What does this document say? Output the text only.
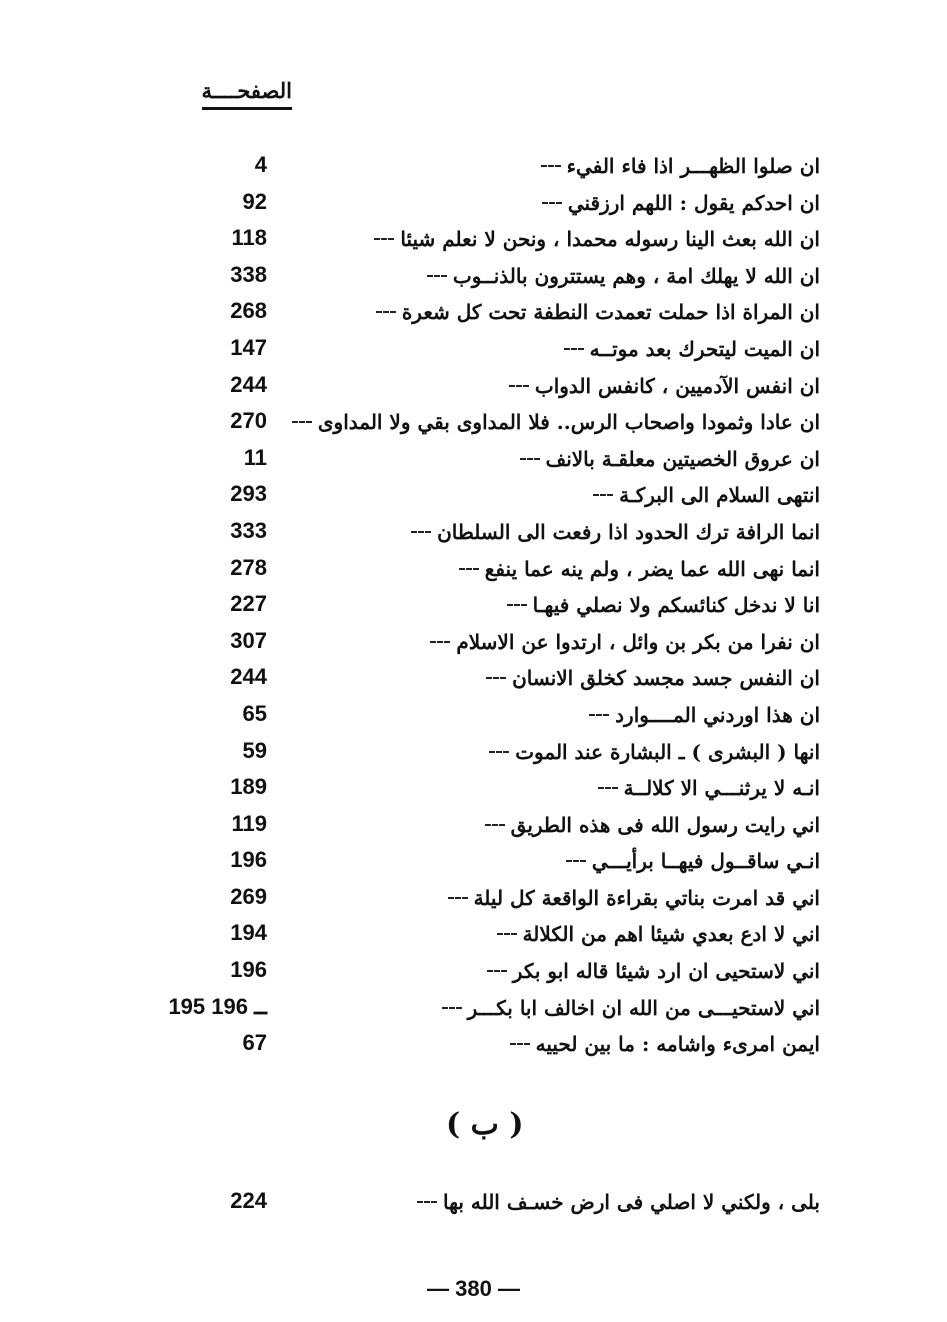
الصفحــــة
ان صلوا الظهـــر اذا فاء الفيء
4
ان احدكم يقول : اللهم ارزقني
92
ان الله بعث الينا رسوله محمدا ، ونحن لا نعلم شيئا
118
ان الله لا يهلك امة ، وهم يستترون بالذنــوب
338
ان المراة اذا حملت تعمدت النطفة تحت كل شعرة
268
ان الميت ليتحرك بعد موتــه
147
ان انفس الآدميين ، كانفس الدواب
244
ان عادا وثمودا واصحاب الرس.. فلا المداوى بقي ولا المداوى
270
ان عروق الخصيتين معلقـة بالانف
11
انتهى السلام الى البركـة
293
انما الرافة ترك الحدود اذا رفعت الى السلطان
333
انما نهى الله عما يضر ، ولم ينه عما ينفع
278
انا لا ندخل كنائسكم ولا نصلي فيهـا
227
ان نفرا من بكر بن وائل ، ارتدوا عن الاسلام
307
ان النفس جسد مجسد كخلق الانسان
244
ان هذا اوردني المــــوارد
65
انها ( البشرى ) ـ البشارة عند الموت
59
انـه لا يرثنـــي الا كلالــة
189
اني رايت رسول الله فى هذه الطريق
119
انـي ساقــول فيهــا برأيـــي
196
اني قد امرت بناتي بقراءة الواقعة كل ليلة
269
اني لا ادع بعدي شيئا اهم من الكلالة
194
اني لاستحيى ان ارد شيئا قاله ابو بكر
196
اني لاستحيـــى من الله ان اخالف ابا بكـــر
195 ــ 196
ايمن امرىء واشامه : ما بين لحييه
67
( ب )
بلى ، ولكني لا اصلي فى ارض خسـف الله بها
224
— 380 —
